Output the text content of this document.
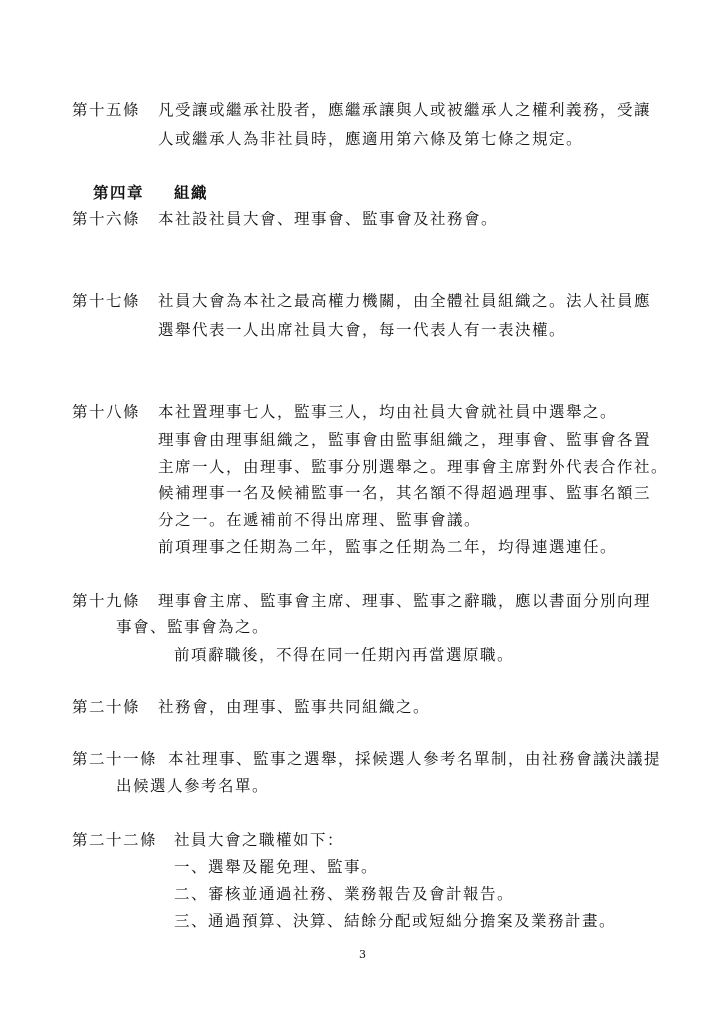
第十五條 凡受讓或繼承社股者，應繼承讓與人或被繼承人之權利義務，受讓
人或繼承人為非社員時，應適用第六條及第七條之規定。
第四章 組織
第十六條 本社設社員大會、理事會、監事會及社務會。
第十七條 社員大會為本社之最高權力機關，由全體社員組織之。法人社員應
選舉代表一人出席社員大會，每一代表人有一表決權。
第十八條 本社置理事七人，監事三人，均由社員大會就社員中選舉之。
理事會由理事組織之，監事會由監事組織之，理事會、監事會各置
主席一人，由理事、監事分別選舉之。理事會主席對外代表合作社。
候補理事一名及候補監事一名，其名額不得超過理事、監事名額三
分之一。在遞補前不得出席理、監事會議。
前項理事之任期為二年，監事之任期為二年，均得連選連任。
第十九條 理事會主席、監事會主席、理事、監事之辭職，應以書面分別向理
事會、監事會為之。
前項辭職後，不得在同一任期內再當選原職。
第二十條 社務會，由理事、監事共同組織之。
第二十一條 本社理事、監事之選舉，採候選人參考名單制，由社務會議決議提
出候選人參考名單。
第二十二條 社員大會之職權如下：
一、選舉及罷免理、監事。
二、審核並通過社務、業務報告及會計報告。
三、通過預算、決算、結餘分配或短絀分擔案及業務計畫。
3
